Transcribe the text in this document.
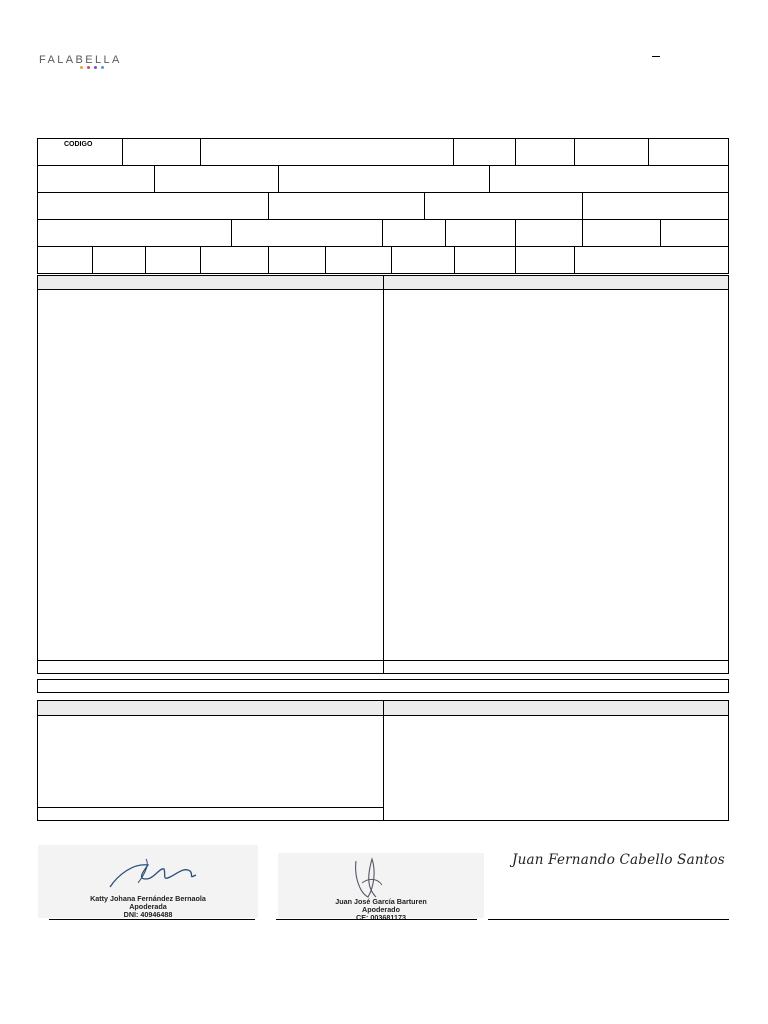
FALABELLA
CODIGO
Katty Johana Fernández Bernaola
Apoderada
DNI: 40946488
Juan José García Barturen
Apoderado
CE: 003681173
Juan Fernando Cabello Santos
